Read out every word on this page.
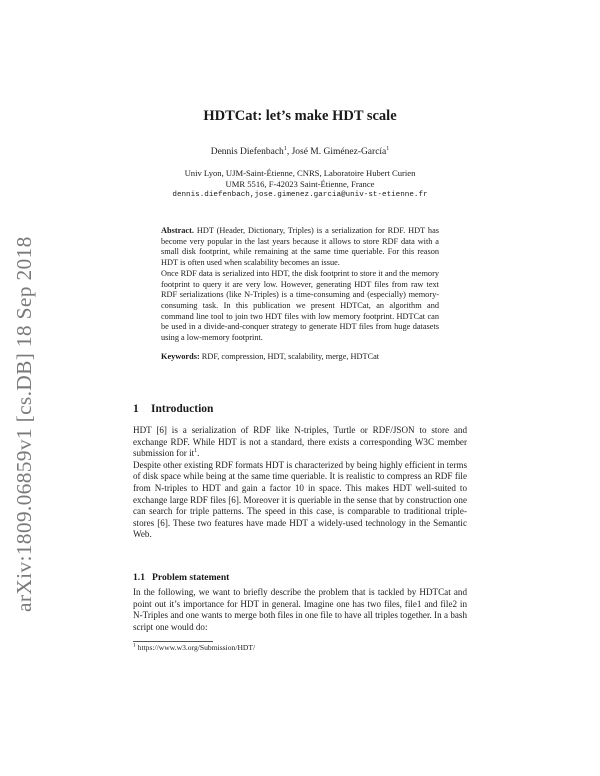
arXiv:1809.06859v1 [cs.DB] 18 Sep 2018
HDTCat: let’s make HDT scale
Dennis Diefenbach$^1$, José M. Giménez-García$^1$
Univ Lyon, UJM-Saint-Étienne, CNRS, Laboratoire Hubert Curien
UMR 5516, F-42023 Saint-Étienne, France
dennis.diefenbach,jose.gimenez.garcia@univ-st-etienne.fr

Abstract. HDT (Header, Dictionary, Triples) is a serialization for RDF. HDT has become very popular in the last years because it allows to store RDF data with a small disk footprint, while remaining at the same time queriable. For this reason HDT is often used when scalability becomes an issue.

Once RDF data is serialized into HDT, the disk footprint to store it and the memory footprint to query it are very low. However, generating HDT files from raw text RDF serializations (like N-Triples) is a time-consuming and (especially) memory-consuming task. In this publication we present HDTCat, an algorithm and command line tool to join two HDT files with low memory footprint. HDTCat can be used in a divide-and-conquer strategy to generate HDT files from huge datasets using a low-memory footprint.

Keywords: RDF, compression, HDT, scalability, merge, HDTCat
1 Introduction

HDT [6] is a serialization of RDF like N-triples, Turtle or RDF/JSON to store and exchange RDF. While HDT is not a standard, there exists a corresponding W3C member submission for $it^1$.

Despite other existing RDF formats HDT is characterized by being highly efficient in terms of disk space while being at the same time queriable. It is realistic to compress an RDF file from N-triples to HDT and gain a factor 10 in space. This makes HDT well-suited to exchange large RDF files [6]. Moreover it is queriable in the sense that by construction one can search for triple patterns. The speed in this case, is comparable to traditional triple-stores [6]. These two features have made HDT a widely-used technology in the Semantic Web.

1.1 Problem statement

In the following, we want to briefly describe the problem that is tackled by HDTCat and point out it’s importance for HDT in general. Imagine one has two files, file1 and file2 in N-Triples and one wants to merge both files in one file to have all triples together. In a bash script one would do:

$^1$ https://www.w3.org/Submission/HDT/
